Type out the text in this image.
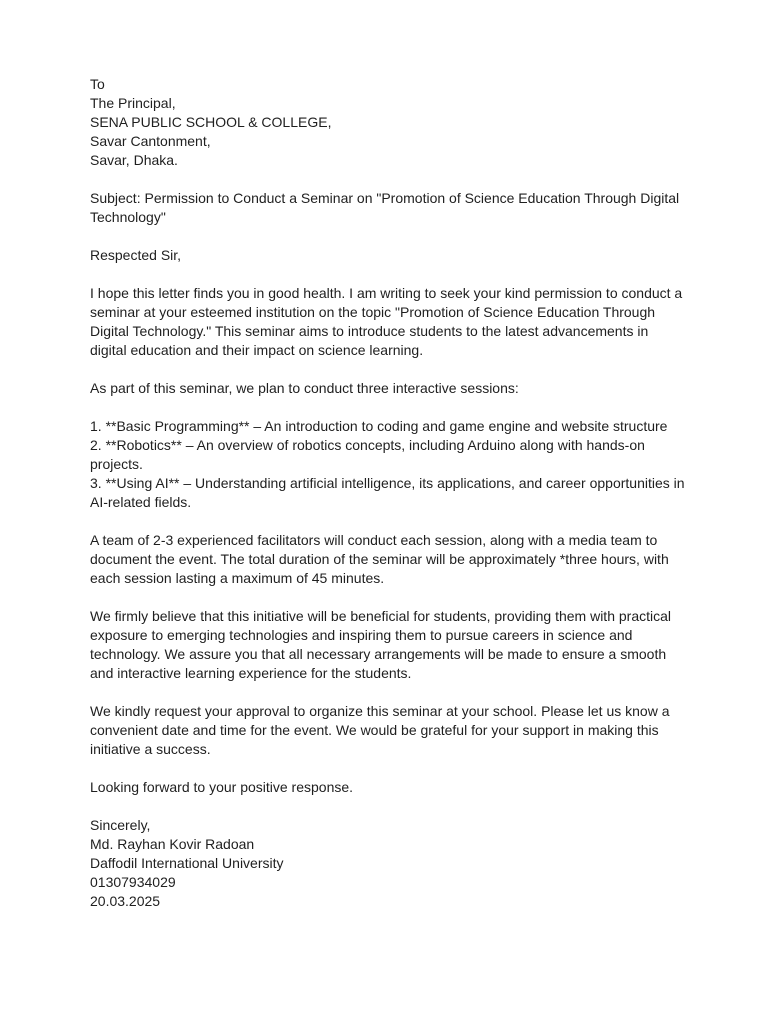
To
The Principal,
SENA PUBLIC SCHOOL & COLLEGE,
Savar Cantonment,
Savar, Dhaka.
Subject: Permission to Conduct a Seminar on "Promotion of Science Education Through Digital
Technology"
Respected Sir,
I hope this letter finds you in good health. I am writing to seek your kind permission to conduct a
seminar at your esteemed institution on the topic "Promotion of Science Education Through
Digital Technology." This seminar aims to introduce students to the latest advancements in
digital education and their impact on science learning.
As part of this seminar, we plan to conduct three interactive sessions:
1. **Basic Programming** – An introduction to coding and game engine and website structure
2. **Robotics** – An overview of robotics concepts, including Arduino along with hands-on
projects.
3. **Using AI** – Understanding artificial intelligence, its applications, and career opportunities in
AI-related fields.
A team of 2-3 experienced facilitators will conduct each session, along with a media team to
document the event. The total duration of the seminar will be approximately *three hours, with
each session lasting a maximum of 45 minutes.
We firmly believe that this initiative will be beneficial for students, providing them with practical
exposure to emerging technologies and inspiring them to pursue careers in science and
technology. We assure you that all necessary arrangements will be made to ensure a smooth
and interactive learning experience for the students.
We kindly request your approval to organize this seminar at your school. Please let us know a
convenient date and time for the event. We would be grateful for your support in making this
initiative a success.
Looking forward to your positive response.
Sincerely,
Md. Rayhan Kovir Radoan
Daffodil International University
01307934029
20.03.2025
